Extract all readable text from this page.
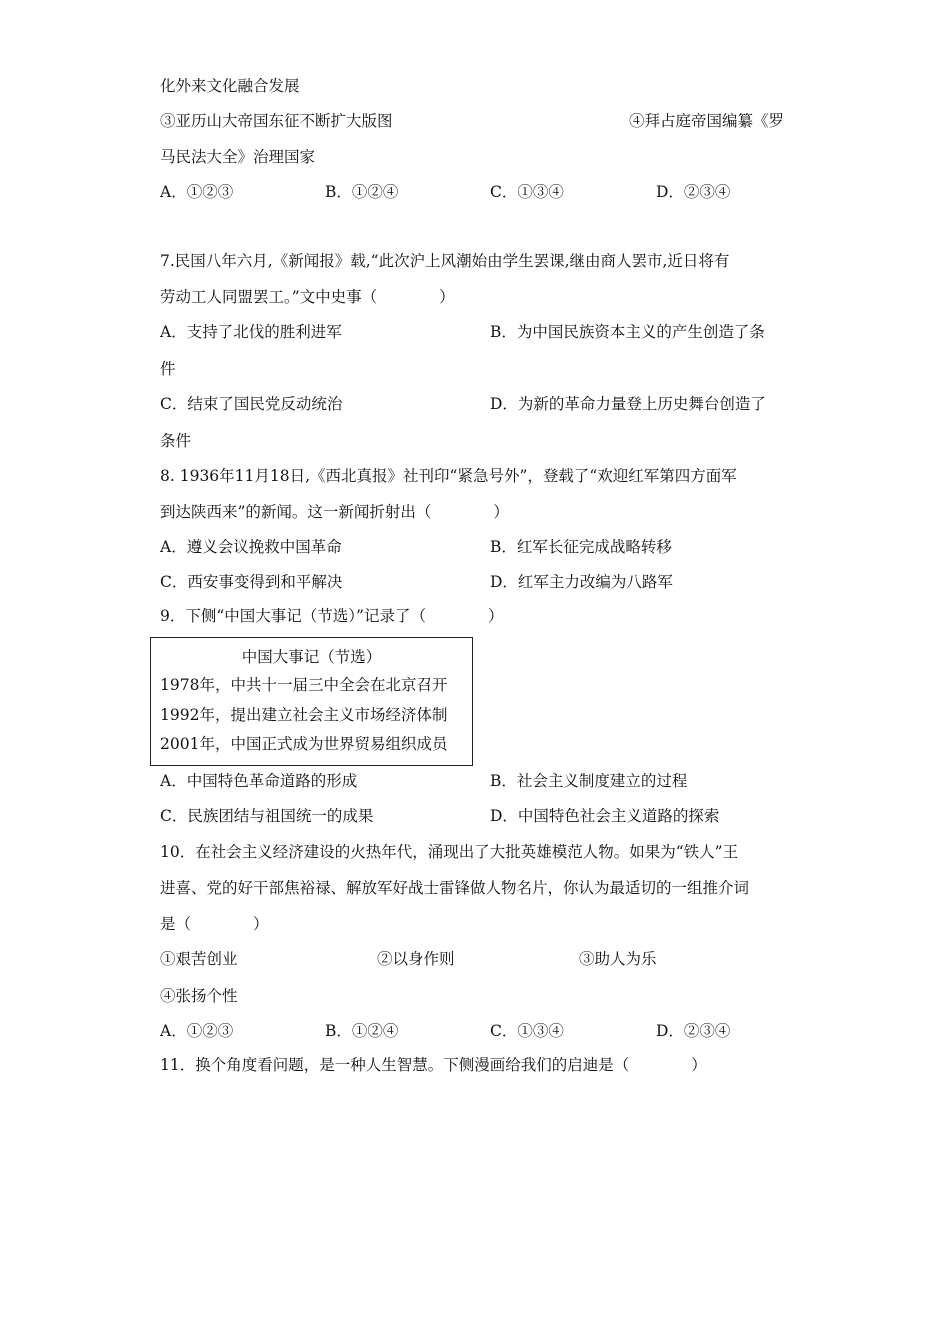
化外来文化融合发展
③亚历山大帝国东征不断扩大版图	④拜占庭帝国编纂《罗
马民法大全》治理国家
A．①②③	B．①②④	C．①③④	D．②③④
7.民国八年六月,《新闻报》载,“此次沪上风潮始由学生罢课,继由商人罢市,近日将有
劳动工人同盟罢工。”文中史事（　　　　）
A．支持了北伐的胜利进军	B．为中国民族资本主义的产生创造了条
件
C．结束了国民党反动统治	D．为新的革命力量登上历史舞台创造了
条件
8. 1936年11月18日,《西北真报》社刊印“紧急号外”，登载了“欢迎红军第四方面军
到达陕西来”的新闻。这一新闻折射出（　　　　）
A．遵义会议挽救中国革命	B．红军长征完成战略转移
C．西安事变得到和平解决	D．红军主力改编为八路军
9．下侧“中国大事记（节选）”记录了（　　　　）
中国大事记（节选）
1978年，中共十一届三中全会在北京召开
1992年，提出建立社会主义市场经济体制
2001年，中国正式成为世界贸易组织成员
A．中国特色革命道路的形成	B．社会主义制度建立的过程
C．民族团结与祖国统一的成果	D．中国特色社会主义道路的探索
10．在社会主义经济建设的火热年代，涌现出了大批英雄模范人物。如果为“铁人”王
进喜、党的好干部焦裕禄、解放军好战士雷锋做人物名片，你认为最适切的一组推介词
是（　　　　）
①艰苦创业	②以身作则	③助人为乐
④张扬个性
A．①②③	B．①②④	C．①③④	D．②③④
11．换个角度看问题，是一种人生智慧。下侧漫画给我们的启迪是（　　　　）
